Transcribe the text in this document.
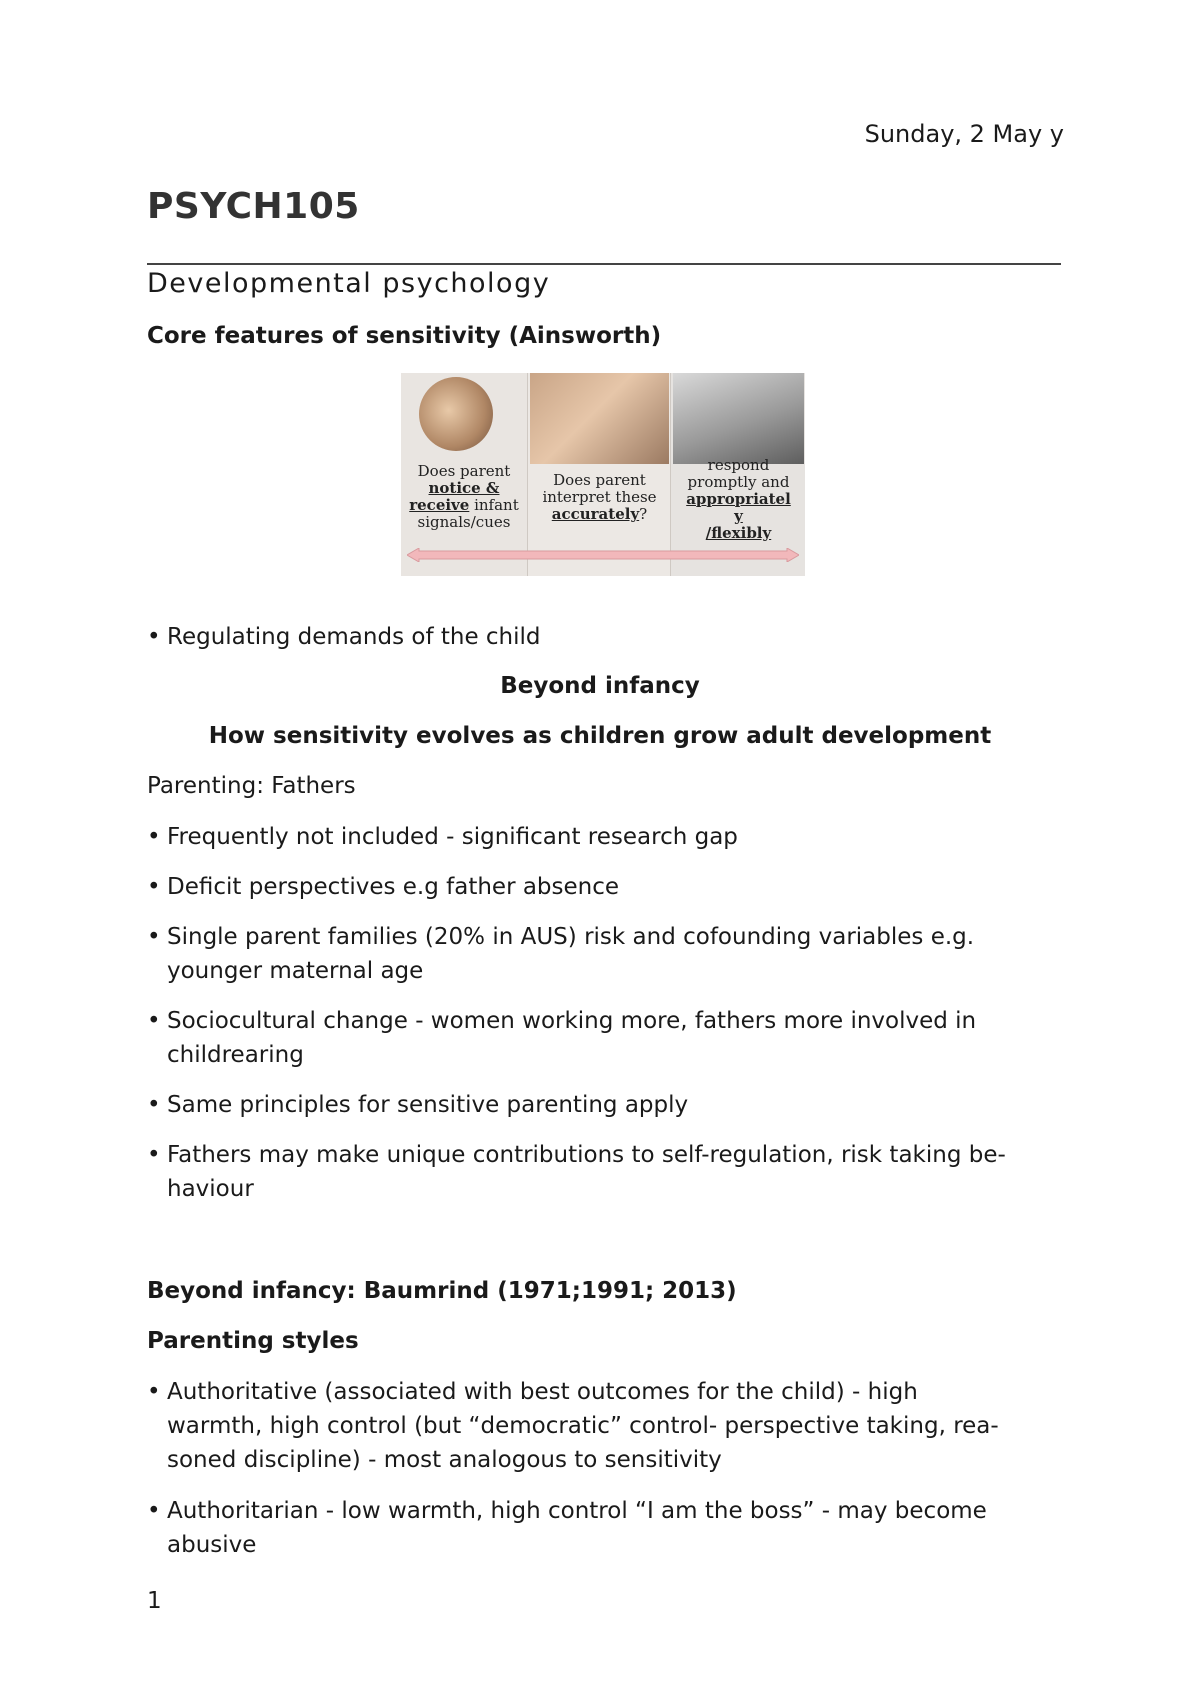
Sunday, 2 May y
PSYCH105
Developmental psychology
Core features of sensitivity (Ainsworth)
Does parent
notice &
receive infant
signals/cues
Does parent
interpret these
accurately?
respond
promptly and
appropriatel
y
/flexibly
• Regulating demands of the child
Beyond infancy
How sensitivity evolves as children grow adult development
Parenting: Fathers
• Frequently not included - significant research gap
• Deficit perspectives e.g father absence
• Single parent families (20% in AUS) risk and cofounding variables e.g.
younger maternal age
• Sociocultural change - women working more, fathers more involved in
childrearing
• Same principles for sensitive parenting apply
• Fathers may make unique contributions to self-regulation, risk taking be-
haviour
Beyond infancy: Baumrind (1971;1991; 2013)
Parenting styles
• Authoritative (associated with best outcomes for the child) - high
warmth, high control (but “democratic” control- perspective taking, rea-
soned discipline) - most analogous to sensitivity
• Authoritarian - low warmth, high control “I am the boss” - may become
abusive
1
